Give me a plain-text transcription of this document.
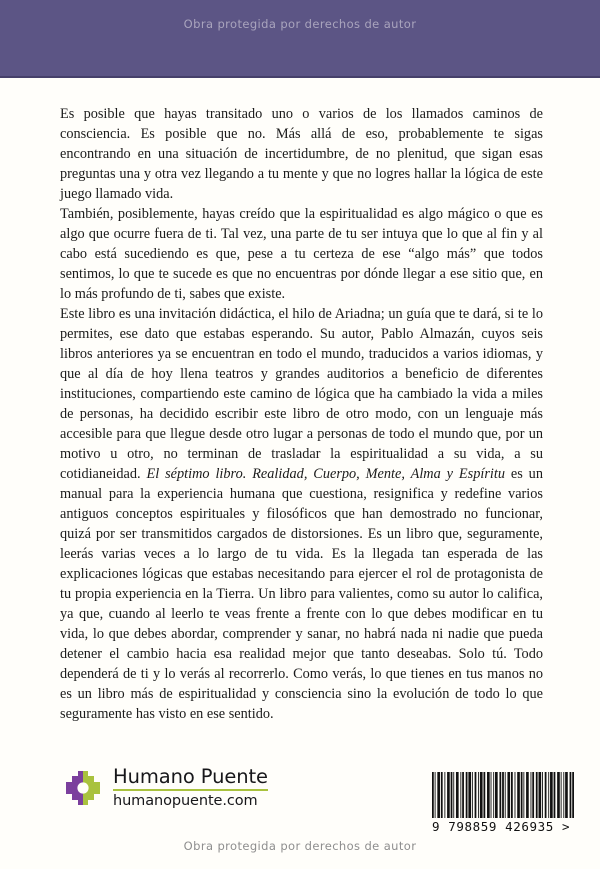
Obra protegida por derechos de autor

Es posible que hayas transitado uno o varios de los llamados caminos de consciencia. Es posible que no. Más allá de eso, probablemente te sigas encontrando en una situación de incertidumbre, de no plenitud, que sigan esas preguntas una y otra vez llegando a tu mente y que no logres hallar la lógica de este juego llamado vida.

También, posiblemente, hayas creído que la espiritualidad es algo mágico o que es algo que ocurre fuera de ti. Tal vez, una parte de tu ser intuya que lo que al fin y al cabo está sucediendo es que, pese a tu certeza de ese “algo más” que todos sentimos, lo que te sucede es que no encuentras por dónde llegar a ese sitio que, en lo más profundo de ti, sabes que existe.

Este libro es una invitación didáctica, el hilo de Ariadna; un guía que te dará, si te lo permites, ese dato que estabas esperando. Su autor, Pablo Almazán, cuyos seis libros anteriores ya se encuentran en todo el mundo, traducidos a varios idiomas, y que al día de hoy llena teatros y grandes auditorios a beneficio de diferentes instituciones, compartiendo este camino de lógica que ha cambiado la vida a miles de personas, ha decidido escribir este libro de otro modo, con un lenguaje más accesible para que llegue desde otro lugar a personas de todo el mundo que, por un motivo u otro, no terminan de trasladar la espiritualidad a su vida, a su cotidianeidad. El séptimo libro. Realidad, Cuerpo, Mente, Alma y Espíritu es un manual para la experiencia humana que cuestiona, resignifica y redefine varios antiguos conceptos espirituales y filosóficos que han demostrado no funcionar, quizá por ser transmitidos cargados de distorsiones. Es un libro que, seguramente, leerás varias veces a lo largo de tu vida. Es la llegada tan esperada de las explicaciones lógicas que estabas necesitando para ejercer el rol de protagonista de tu propia experiencia en la Tierra. Un libro para valientes, como su autor lo califica, ya que, cuando al leerlo te veas frente a frente con lo que debes modificar en tu vida, lo que debes abordar, comprender y sanar, no habrá nada ni nadie que pueda detener el cambio hacia esa realidad mejor que tanto deseabas. Solo tú. Todo dependerá de ti y lo verás al recorrerlo. Como verás, lo que tienes en tus manos no es un libro más de espiritualidad y consciencia sino la evolución de todo lo que seguramente has visto en ese sentido.

Humano Puente
humanopuente.com
9 798859 426935 >
Obra protegida por derechos de autor
